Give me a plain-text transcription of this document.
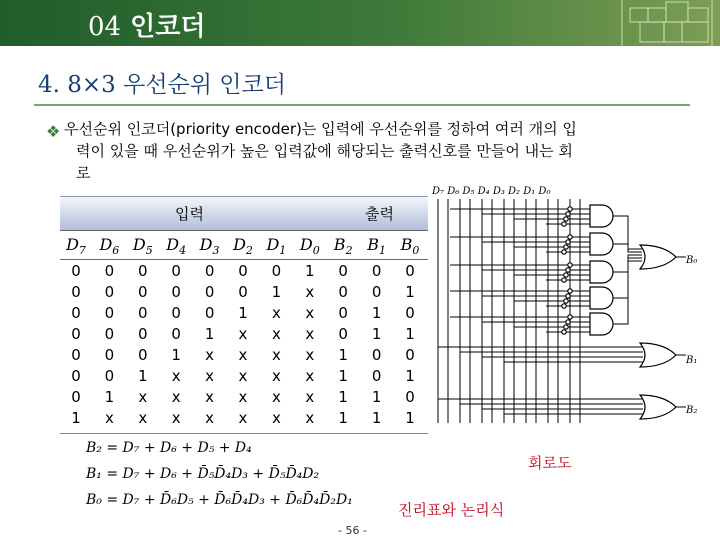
04 인코더
4. 8×3 우선순위 인코더
❖ 우선순위 인코더(priority encoder)는 입력에 우선순위를 정하여 여러 개의 입

력이 있을 때 우선순위가 높은 입력값에 해당되는 출력신호를 만들어 내는 회

로

입력	출력
$D_7$ $D_6$ $D_5$ $D_4$ $D_3$ $D_2$ $D_1$ $D_0$ $B_2$ $B_1$ $B_0$
0	0	0	0	0	0	0	1	0	0	0
0	0	0	0	0	0	1	x	0	0	1
0	0	0	0	0	1	x	x	0	1	0
0	0	0	0	1	x	x	x	0	1	1
0	0	0	1	x	x	x	x	1	0	0
0	0	1	x	x	x	x	x	1	0	1
0	1	x	x	x	x	x	x	1	1	0
1	x	x	x	x	x	x	x	1	1	1
B₂ = D₇ + D₆ + D₅ + D₄
B₁ = D₇ + D₆ + D̄₅D̄₄D₃ + D̄₅D̄₄D₂
B₀ = D₇ + D̄₆D₅ + D̄₆D̄₄D₃ + D̄₆D̄₄D̄₂D₁
D₇ D₆ D₅ D₄ D₃ D₂ D₁ D₀
B₀
B₁
B₂
회로도
진리표와 논리식
- 56 -
